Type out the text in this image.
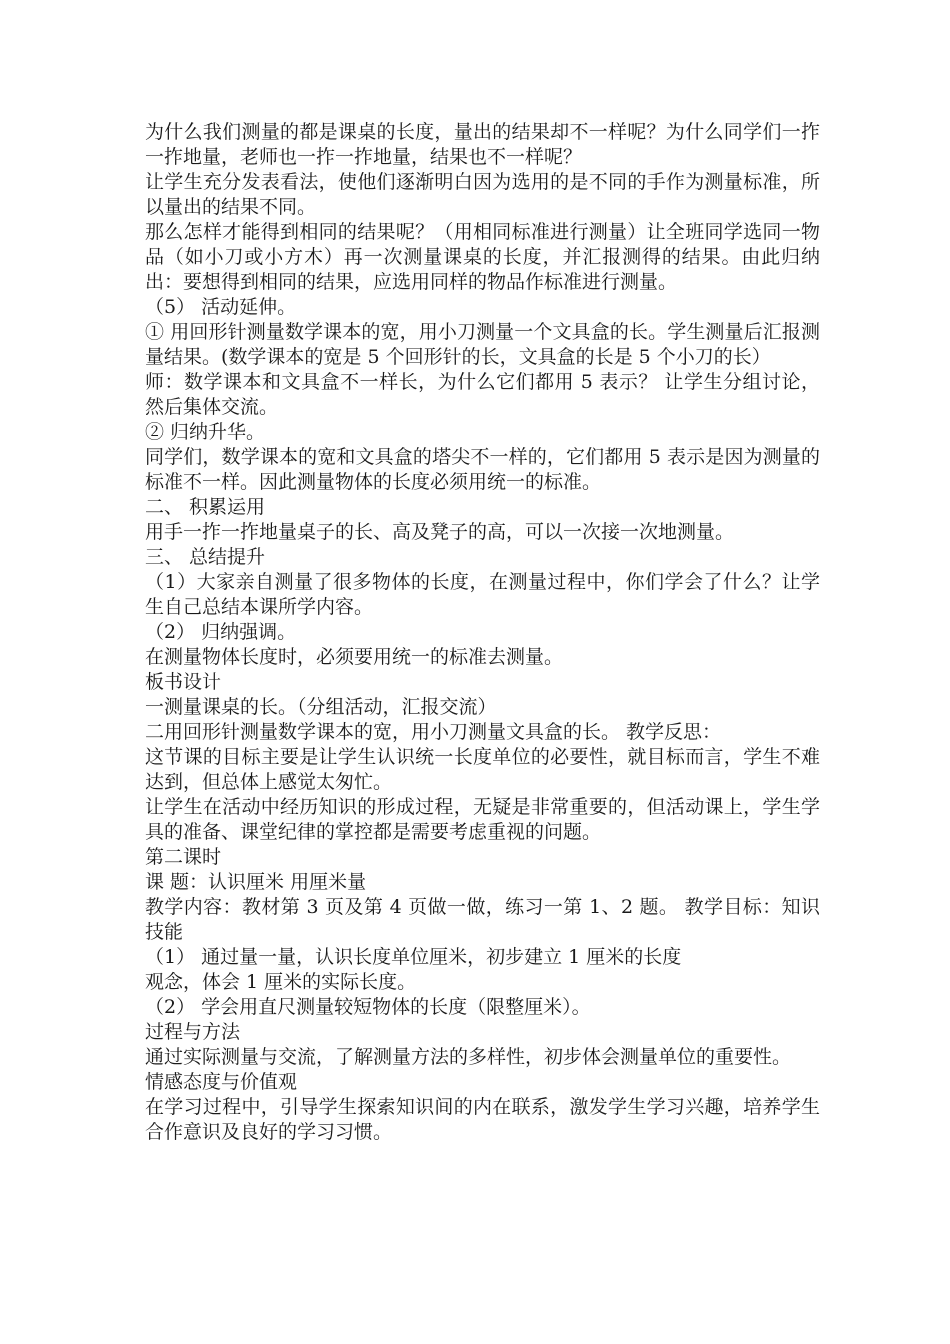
为什么我们测量的都是课桌的长度，量出的结果却不一样呢？为什么同学们一拃一拃地量，老师也一拃一拃地量，结果也不一样呢？

让学生充分发表看法，使他们逐渐明白因为选用的是不同的手作为测量标准，所以量出的结果不同。

那么怎样才能得到相同的结果呢？（用相同标准进行测量）让全班同学选同一物品（如小刀或小方木）再一次测量课桌的长度，并汇报测得的结果。由此归纳出：要想得到相同的结果，应选用同样的物品作标准进行测量。

（5） 活动延伸。

① 用回形针测量数学课本的宽，用小刀测量一个文具盒的长。学生测量后汇报测量结果。(数学课本的宽是 5 个回形针的长，文具盒的长是 5 个小刀的长）

师：数学课本和文具盒不一样长，为什么它们都用 5 表示？ 让学生分组讨论，然后集体交流。

② 归纳升华。

同学们，数学课本的宽和文具盒的塔尖不一样的，它们都用 5 表示是因为测量的标准不一样。因此测量物体的长度必须用统一的标准。

二、 积累运用

用手一拃一拃地量桌子的长、高及凳子的高，可以一次接一次地测量。

三、 总结提升

（1）大家亲自测量了很多物体的长度，在测量过程中，你们学会了什么？让学生自己总结本课所学内容。

（2） 归纳强调。

在测量物体长度时，必须要用统一的标准去测量。

板书设计

一测量课桌的长。（分组活动，汇报交流）

二用回形针测量数学课本的宽，用小刀测量文具盒的长。 教学反思：

这节课的目标主要是让学生认识统一长度单位的必要性，就目标而言，学生不难达到，但总体上感觉太匆忙。

让学生在活动中经历知识的形成过程，无疑是非常重要的，但活动课上，学生学具的准备、课堂纪律的掌控都是需要考虑重视的问题。

第二课时

课 题：认识厘米 用厘米量

教学内容：教材第 3 页及第 4 页做一做，练习一第 1、2 题。 教学目标：知识技能

（1） 通过量一量，认识长度单位厘米，初步建立 1 厘米的长度

观念，体会 1 厘米的实际长度。

（2） 学会用直尺测量较短物体的长度（限整厘米）。

过程与方法

通过实际测量与交流，了解测量方法的多样性，初步体会测量单位的重要性。

情感态度与价值观

在学习过程中，引导学生探索知识间的内在联系，激发学生学习兴趣，培养学生合作意识及良好的学习习惯。
